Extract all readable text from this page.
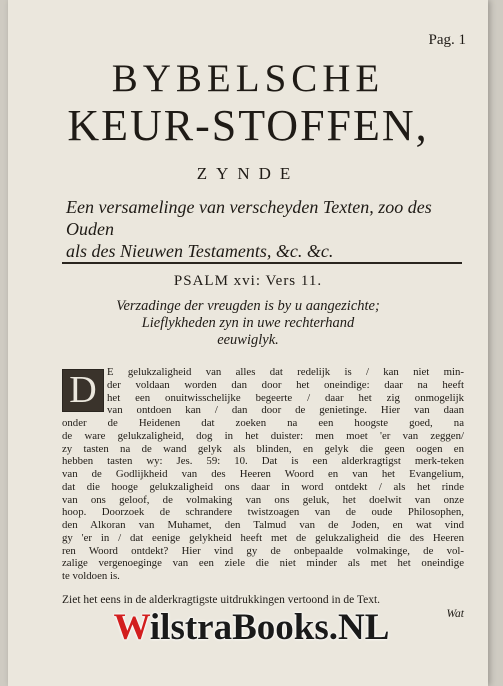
Pag. 1
BYBELSCHE
KEUR-STOFFEN,
ZYNDE
Een versamelinge van verscheyden Texten, zoo des Ouden
als des Nieuwen Testaments, &c. &c.
PSALM xvi: Vers 11.
Verzadinge der vreugden is by u aangezichte;
Lieflykheden zyn in uwe rechterhand
eeuwiglyk.
D E gelukzaligheid van alles dat redelijk is / kan niet min-
der voldaan worden dan door het oneindige: daar na heeft
het een onuitwisschelijke begeerte / daar het zig onmogelijk
van ontdoen kan / dan door de genietinge. Hier van daan
onder de Heidenen dat zoeken na een hoogste goed, na
de ware gelukzaligheid, dog in het duister: men moet 'er van zeggen/
zy tasten na de wand gelyk als blinden, en gelyk die geen oogen en
hebben tasten wy: Jes. 59: 10. Dat is een alderkragtigst merk-teken
van de Godlijkheid van des Heeren Woord en van het Evangelium,
dat die hooge gelukzaligheid ons daar in word ontdekt / als het rinde
van ons geloof, de volmaking van ons geluk, het doelwit van onze
hoop. Doorzoek de schrandere twistzoagen van de oude Philosophen,
den Alkoran van Muhamet, den Talmud van de Joden, en wat vind
gy 'er in / dat eenige gelykheid heeft met de gelukzaligheid die des Heeren
ren Woord ontdekt? Hier vind gy de onbepaalde volmakinge, de vol-
zalige vergenoeginge van een ziele die niet minder als met het oneindige
te voldoen is.
Ziet het eens in de alderkragtigste uitdrukkingen vertoond in de Text.
Wat
WilstraBooks.NL
